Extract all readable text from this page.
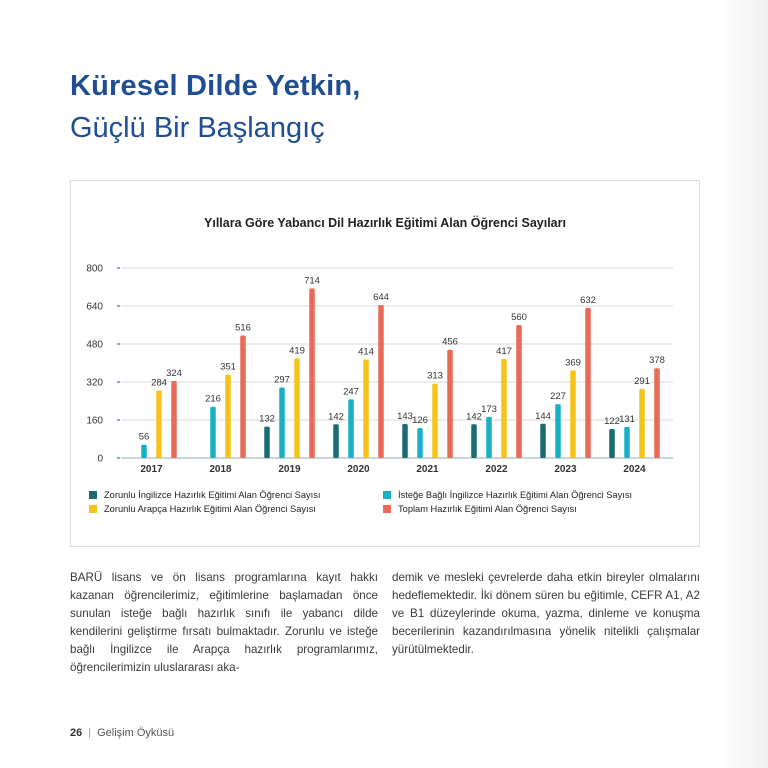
Küresel Dilde Yetkin,
Güçlü Bir Başlangıç
Yıllara Göre Yabancı Dil Hazırlık Eğitimi Alan Öğrenci Sayıları
0
160
320
480
640
800
2017
56
284
324
2018
216
351
516
2019
132
297
419
714
2020
142
247
414
644
2021
143 126
313
456
2022
142
173
417
560
2023
144
227
369
632
2024
122 131
291
378
Zorunlu İngilizce Hazırlık Eğitimi Alan Öğrenci Sayısı	İsteğe Bağlı İngilizce Hazırlık Eğitimi Alan Öğrenci Sayısı
Zorunlu Arapça Hazırlık Eğitimi Alan Öğrenci Sayısı	Toplam Hazırlık Eğitimi Alan Öğrenci Sayısı
BARÜ lisans ve ön lisans programlarına kayıt hakkı kazanan öğrencilerimiz, eğitimlerine başlamadan önce sunulan isteğe bağlı hazırlık sınıfı ile yabancı dilde kendilerini geliştirme fırsatı bulmaktadır. Zorunlu ve isteğe bağlı İngilizce ile Arapça hazırlık programlarımız, öğrencilerimizin uluslararası aka-
demik ve mesleki çevrelerde daha etkin bireyler olmalarını hedeflemektedir. İki dönem süren bu eğitimle, CEFR A1, A2 ve B1 düzeylerinde okuma, yazma, dinleme ve konuşma becerilerinin kazandırılmasına yönelik nitelikli çalışmalar yürütülmektedir.
26 | Gelişim Öyküsü
